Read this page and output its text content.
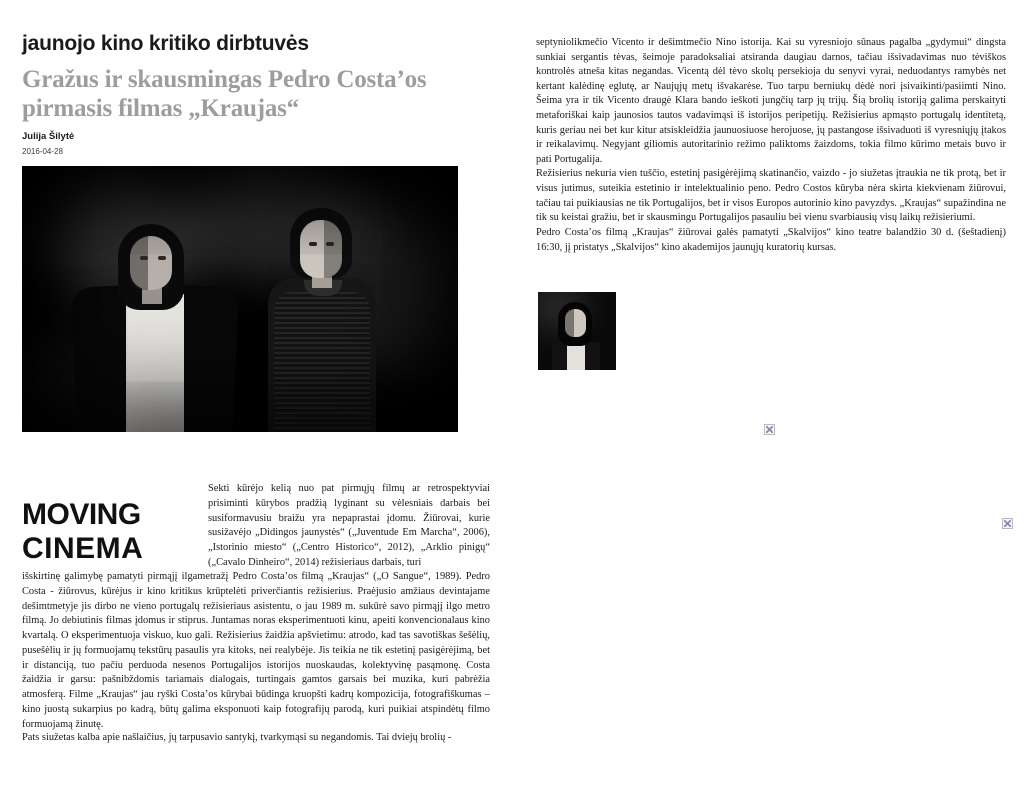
jaunojo kino kritiko dirbtuvės
Gražus ir skausmingas Pedro Costa’os pirmasis filmas „Kraujas“
Julija Šilytė
2016-04-28
MOVING
CINEMA
Sekti kūrėjo kelią nuo pat pirmųjų filmų ar retrospektyviai prisiminti kūrybos pradžią lyginant su vėlesniais darbais bei susiformavusiu braižu yra nepaprastai įdomu. Žiūrovai, kurie susižavėjo „Didingos jaunystės“ („Juventude Em Marcha“, 2006), „Istorinio miesto“ („Centro Historico“, 2012), „Arklio pinigų“ („Cavalo Dinheiro“, 2014) režisieriaus darbais, turi
išskirtinę galimybę pamatyti pirmąjį ilgametražį Pedro Costa’os filmą „Kraujas“ („O Sangue“, 1989). Pedro Costa - žiūrovus, kūrėjus ir kino kritikus krūptelėti priverčiantis režisierius. Praėjusio amžiaus devintajame dešimtmetyje jis dirbo ne vieno portugalų režisieriaus asistentu, o jau 1989 m. sukūrė savo pirmąjį ilgo metro filmą. Jo debiutinis filmas įdomus ir stiprus. Juntamas noras eksperimentuoti kinu, apeiti konvencionalaus kino kvartalą. O eksperimentuoja viskuo, kuo gali. Režisierius žaidžia apšvietimu: atrodo, kad tas savotiškas šešėlių, pusešėlių ir jų formuojamų tekstūrų pasaulis yra kitoks, nei realybėje. Jis teikia ne tik estetinį pasigėrėjimą, bet ir distanciją, tuo pačiu perduoda nesenos Portugalijos istorijos nuoskaudas, kolektyvinę pasąmonę. Costa žaidžia ir garsu: pašnibždomis tariamais dialogais, turtingais gamtos garsais bei muzika, kuri pabrėžia atmosferą. Filme „Kraujas“ jau ryški Costa’os kūrybai būdinga kruopšti kadrų kompozicija, fotografiškumas – kino juostą sukarpius po kadrą, būtų galima eksponuoti kaip fotografijų parodą, kuri puikiai atspindėtų filmo formuojamą žinutę.
Pats siužetas kalba apie našlaičius, jų tarpusavio santykį, tvarkymąsi su negandomis. Tai dviejų brolių -

septyniolikmečio Vicento ir dešimtmečio Nino istorija. Kai su vyresniojo sūnaus pagalba „gydymui“ dingsta sunkiai sergantis tėvas, šeimoje paradoksaliai atsiranda daugiau darnos, tačiau išsivadavimas nuo tėviškos kontrolės atneša kitas negandas. Vicentą dėl tėvo skolų persekioja du senyvi vyrai, neduodantys ramybės net kertant kalėdinę eglutę, ar Naujųjų metų išvakarėse. Tuo tarpu berniukų dėdė nori įsivaikinti/pasiimti Nino. Šeima yra ir tik Vicento draugė Klara bando ieškoti jungčių tarp jų trijų. Šią brolių istoriją galima perskaityti metaforiškai kaip jaunosios tautos vadavimąsi iš istorijos peripetijų. Režisierius apmąsto portugalų identitetą, kuris geriau nei bet kur kitur atsiskleidžia jaunuosiuose herojuose, jų pastangose išsivaduoti iš vyresniųjų įtakos ir reikalavimų. Negyjant giliomis autoritarinio režimo paliktoms žaizdoms, tokia filmo kūrimo metais buvo ir pati Portugalija.

Režisierius nekuria vien tuščio, estetinį pasigėrėjimą skatinančio, vaizdo - jo siužetas įtraukia ne tik protą, bet ir visus jutimus, suteikia estetinio ir intelektualinio peno. Pedro Costos kūryba nėra skirta kiekvienam žiūrovui, tačiau tai puikiausias ne tik Portugalijos, bet ir visos Europos autorinio kino pavyzdys. „Kraujas“ supažindina ne tik su keistai gražiu, bet ir skausmingu Portugalijos pasauliu bei vienu svarbiausių visų laikų režisieriumi.

Pedro Costa’os filmą „Kraujas“ žiūrovai galės pamatyti „Skalvijos“ kino teatre balandžio 30 d. (šeštadienį) 16:30, jį pristatys „Skalvijos“ kino akademijos jaunųjų kuratorių kursas.
